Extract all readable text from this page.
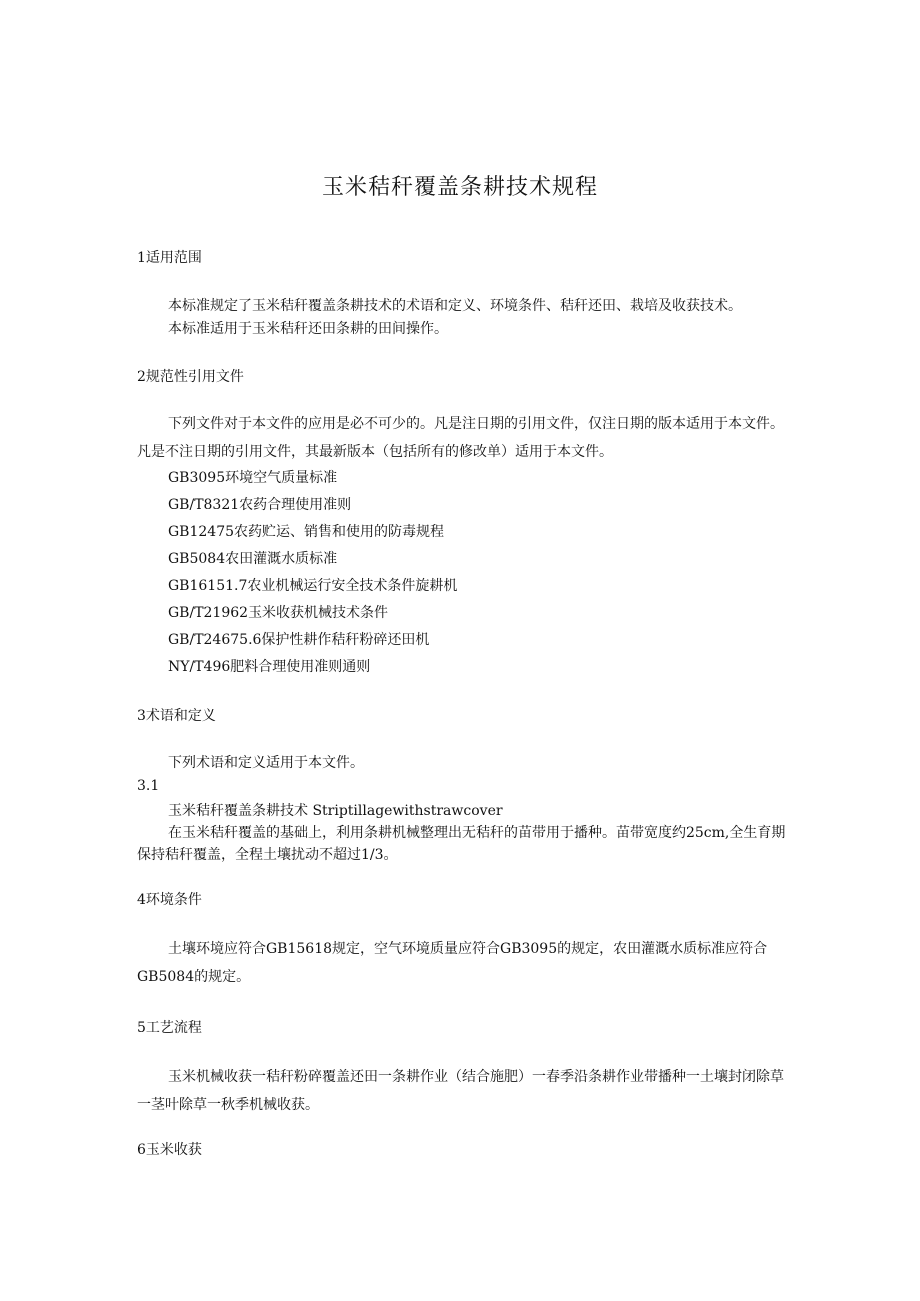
玉米秸秆覆盖条耕技术规程
1适用范围
本标准规定了玉米秸秆覆盖条耕技术的术语和定义、环境条件、秸秆还田、栽培及收获技术。
本标准适用于玉米秸秆还田条耕的田间操作。
2规范性引用文件

下列文件对于本文件的应用是必不可少的。凡是注日期的引用文件，仅注日期的版本适用于本文件。凡是不注日期的引用文件，其最新版本（包括所有的修改单）适用于本文件。

GB3095环境空气质量标准
GB/T8321农药合理使用准则
GB12475农药贮运、销售和使用的防毒规程
GB5084农田灌溉水质标准
GB16151.7农业机械运行安全技术条件旋耕机
GB/T21962玉米收获机械技术条件
GB/T24675.6保护性耕作秸秆粉碎还田机
NY/T496肥料合理使用准则通则
3术语和定义
下列术语和定义适用于本文件。
3.1
玉米秸秆覆盖条耕技术 Striptillagewithstrawcover

在玉米秸秆覆盖的基础上，利用条耕机械整理出无秸秆的苗带用于播种。苗带宽度约25cm,全生育期保持秸秆覆盖，全程土壤扰动不超过1/3。

4环境条件

土壤环境应符合GB15618规定，空气环境质量应符合GB3095的规定，农田灌溉水质标准应符合GB5084的规定。

5工艺流程

玉米机械收获一秸秆粉碎覆盖还田一条耕作业（结合施肥）一春季沿条耕作业带播种一土壤封闭除草一茎叶除草一秋季机械收获。

6玉米收获
